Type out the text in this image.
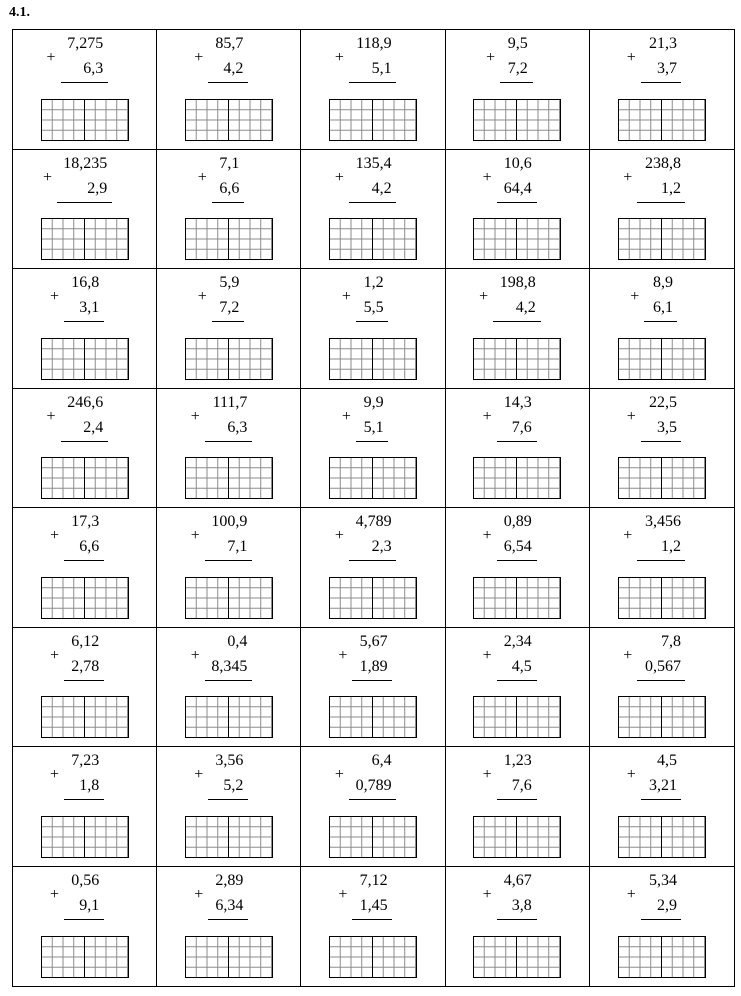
4.1.
+
7,275
6,3
+
85,7
4,2
+
118,9
5,1
+
9,5
7,2
+
21,3
3,7
+
18,235
2,9
+
7,1
6,6
+
135,4
4,2
+
10,6
64,4
+
238,8
1,2
+
16,8
3,1
+
5,9
7,2
+
1,2
5,5
+
198,8
4,2
+
8,9
6,1
+
246,6
2,4
+
111,7
6,3
+
9,9
5,1
+
14,3
7,6
+
22,5
3,5
+
17,3
6,6
+
100,9
7,1
+
4,789
2,3
+
0,89
6,54
+
3,456
1,2
+
6,12
2,78
+
0,4
8,345
+
5,67
1,89
+
2,34
4,5
+
7,8
0,567
+
7,23
1,8
+
3,56
5,2
+
6,4
0,789
+
1,23
7,6
+
4,5
3,21
+
0,56
9,1
+
2,89
6,34
+
7,12
1,45
+
4,67
3,8
+
5,34
2,9
